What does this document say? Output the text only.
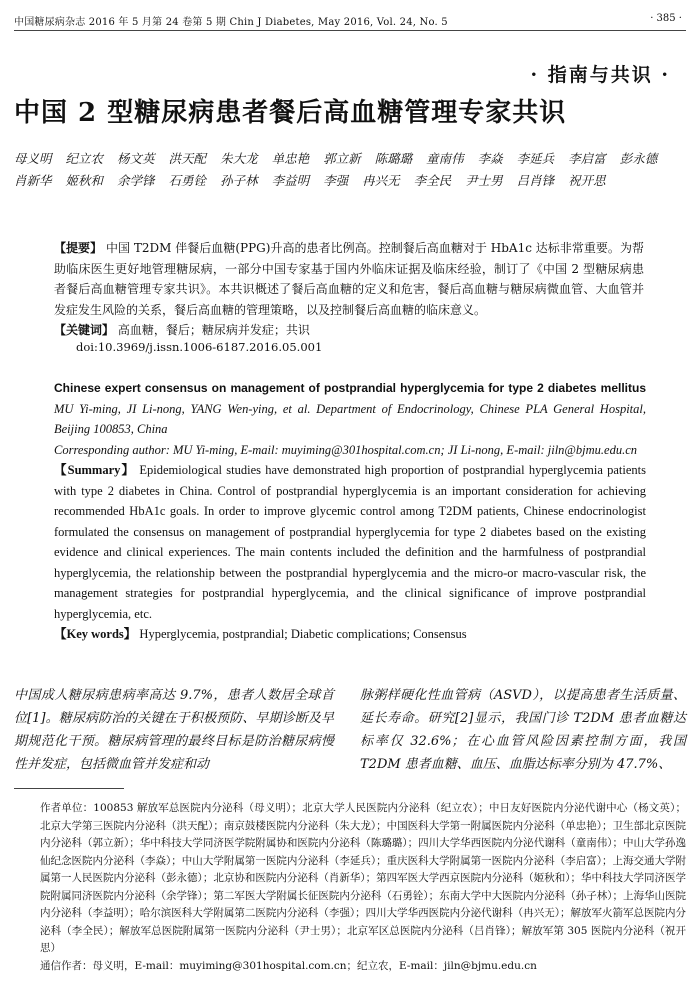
中国糖尿病杂志 2016 年 5 月第 24 卷第 5 期 Chin J Diabetes, May 2016, Vol. 24, No. 5	· 385 ·
· 指南与共识 ·
中国 2 型糖尿病患者餐后高血糖管理专家共识
母义明 纪立农 杨文英 洪天配 朱大龙 单忠艳 郭立新 陈璐璐 童南伟 李焱 李延兵 李启富 彭永德肖新华 姬秋和 余学锋 石勇铨 孙子林 李益明 李强 冉兴无 李全民 尹士男 吕肖锋 祝开思
【提要】 中国 T2DM 伴餐后血糖(PPG)升高的患者比例高。控制餐后高血糖对于 HbA1c 达标非常重要。为帮助临床医生更好地管理糖尿病，一部分中国专家基于国内外临床证据及临床经验，制订了《中国 2 型糖尿病患者餐后高血糖管理专家共识》。本共识概述了餐后高血糖的定义和危害，餐后高血糖与糖尿病微血管、大血管并发症发生风险的关系，餐后高血糖的管理策略，以及控制餐后高血糖的临床意义。
【关键词】 高血糖，餐后；糖尿病并发症；共识
doi:10.3969/j.issn.1006-6187.2016.05.001
Chinese expert consensus on management of postprandial hyperglycemia for type 2 diabetes mellitus MU Yi-ming, JI Li-nong, YANG Wen-ying, et al. Department of Endocrinology, Chinese PLA General Hospital, Beijing 100853, China
Corresponding author: MU Yi-ming, E-mail: muyiming@301hospital.com.cn; JI Li-nong, E-mail: jiln@bjmu.edu.cn
【Summary】 Epidemiological studies have demonstrated high proportion of postprandial hyperglycemia patients with type 2 diabetes in China. Control of postprandial hyperglycemia is an important consideration for achieving recommended HbA1c goals. In order to improve glycemic control among T2DM patients, Chinese endocrinologist formulated the consensus on management of postprandial hyperglycemia for type 2 diabetes based on the existing evidence and clinical experiences. The main contents included the definition and the harmfulness of postprandial hyperglycemia, the relationship between the postprandial hyperglycemia and the micro-or macro-vascular risk, the management strategies for postprandial hyperglycemia, and the clinical significance of improve postprandial hyperglycemia, etc.
【Key words】 Hyperglycemia, postprandial; Diabetic complications; Consensus
中国成人糖尿病患病率高达 9.7%，患者人数居全球首位[1]。糖尿病防治的关键在于积极预防、早期诊断及早期规范化干预。糖尿病管理的最终目标是防治糖尿病慢性并发症，包括微血管并发症和动
脉粥样硬化性血管病（ASVD），以提高患者生活质量、延长寿命。研究[2]显示，我国门诊 T2DM 患者血糖达标率仅 32.6%；在心血管风险因素控制方面，我国 T2DM 患者血糖、血压、血脂达标率分别为 47.7%、
作者单位：100853 解放军总医院内分泌科（母义明）；北京大学人民医院内分泌科（纪立农）；中日友好医院内分泌代谢中心（杨文英）；北京大学第三医院内分泌科（洪天配）；南京鼓楼医院内分泌科（朱大龙）；中国医科大学第一附属医院内分泌科（单忠艳）；卫生部北京医院内分泌科（郭立新）；华中科技大学同济医学院附属协和医院内分泌科（陈璐璐）；四川大学华西医院内分泌代谢科（童南伟）；中山大学孙逸仙纪念医院内分泌科（李焱）；中山大学附属第一医院内分泌科（李延兵）；重庆医科大学附属第一医院内分泌科（李启富）；上海交通大学附属第一人民医院内分泌科（彭永德）；北京协和医院内分泌科（肖新华）；第四军医大学西京医院内分泌科（姬秋和）；华中科技大学同济医学院附属同济医院内分泌科（余学锋）；第二军医大学附属长征医院内分泌科（石勇铨）；东南大学中大医院内分泌科（孙子林）；上海华山医院内分泌科（李益明）；哈尔滨医科大学附属第二医院内分泌科（李强）；四川大学华西医院内分泌代谢科（冉兴无）；解放军火箭军总医院内分泌科（李全民）；解放军总医院附属第一医院内分泌科（尹士男）；北京军区总医院内分泌科（吕肖锋）；解放军第 305 医院内分泌科（祝开思）
通信作者：母义明，E-mail：muyiming@301hospital.com.cn；纪立农，E-mail：jiln@bjmu.edu.cn
